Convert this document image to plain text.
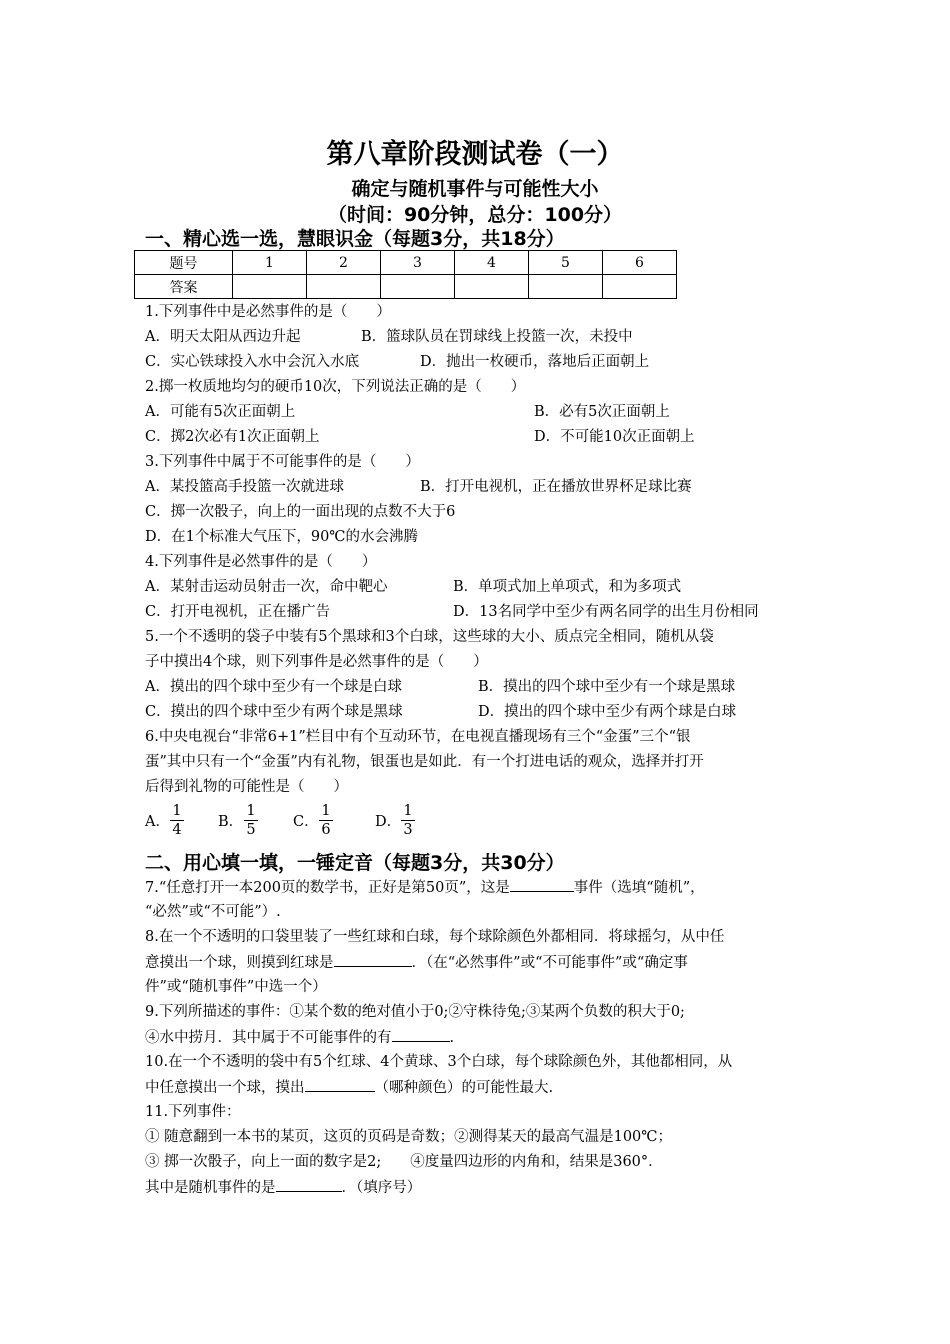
第八章阶段测试卷（一）
确定与随机事件与可能性大小
（时间：90分钟，总分：100分）
一、精心选一选，慧眼识金（每题3分，共18分）
题号	1	2	3	4	5	6
答案						
1.下列事件中是必然事件的是（　　）
A．明天太阳从西边升起	B．篮球队员在罚球线上投篮一次，未投中
C．实心铁球投入水中会沉入水底	D．抛出一枚硬币，落地后正面朝上
2.掷一枚质地均匀的硬币10次，下列说法正确的是（　　）
A．可能有5次正面朝上	B．必有5次正面朝上
C．掷2次必有1次正面朝上	D．不可能10次正面朝上
3.下列事件中属于不可能事件的是（　　）
A．某投篮高手投篮一次就进球	B．打开电视机，正在播放世界杯足球比赛
C．掷一次骰子，向上的一面出现的点数不大于6
D．在1个标准大气压下，90℃的水会沸腾
4.下列事件是必然事件的是（　　）
A．某射击运动员射击一次，命中靶心	B．单项式加上单项式，和为多项式
C．打开电视机，正在播广告	D．13名同学中至少有两名同学的出生月份相同
5.一个不透明的袋子中装有5个黑球和3个白球，这些球的大小、质点完全相同，随机从袋
子中摸出4个球，则下列事件是必然事件的是（　　）
A．摸出的四个球中至少有一个球是白球	B．摸出的四个球中至少有一个球是黑球
C．摸出的四个球中至少有两个球是黑球	D．摸出的四个球中至少有两个球是白球
6.中央电视台“非常6+1”栏目中有个互动环节，在电视直播现场有三个“金蛋”三个“银
蛋”其中只有一个“金蛋”内有礼物，银蛋也是如此．有一个打进电话的观众，选择并打开
后得到礼物的可能性是（　　）
A．
1
4	B．
1
5	C．
1
6	D．
1
3
二、用心填一填，一锤定音（每题3分，共30分）
7.“任意打开一本200页的数学书，正好是第50页”，这是	事件（选填“随机”，
“必然”或“不可能”）.
8.在一个不透明的口袋里装了一些红球和白球，每个球除颜色外都相同．将球摇匀，从中任
意摸出一个球，则摸到红球是	．（在“必然事件”或“不可能事件”或“确定事
件”或“随机事件”中选一个）
9.下列所描述的事件：①某个数的绝对值小于0;②守株待兔;③某两个负数的积大于0;
④水中捞月．其中属于不可能事件的有	.
10.在一个不透明的袋中有5个红球、4个黄球、3个白球，每个球除颜色外，其他都相同，从
中任意摸出一个球，摸出	（哪种颜色）的可能性最大.
11.下列事件：
① 随意翻到一本书的某页，这页的页码是奇数；②测得某天的最高气温是100℃；
③ 掷一次骰子，向上一面的数字是2;　　④度量四边形的内角和，结果是360°．
其中是随机事件的是	．（填序号）
